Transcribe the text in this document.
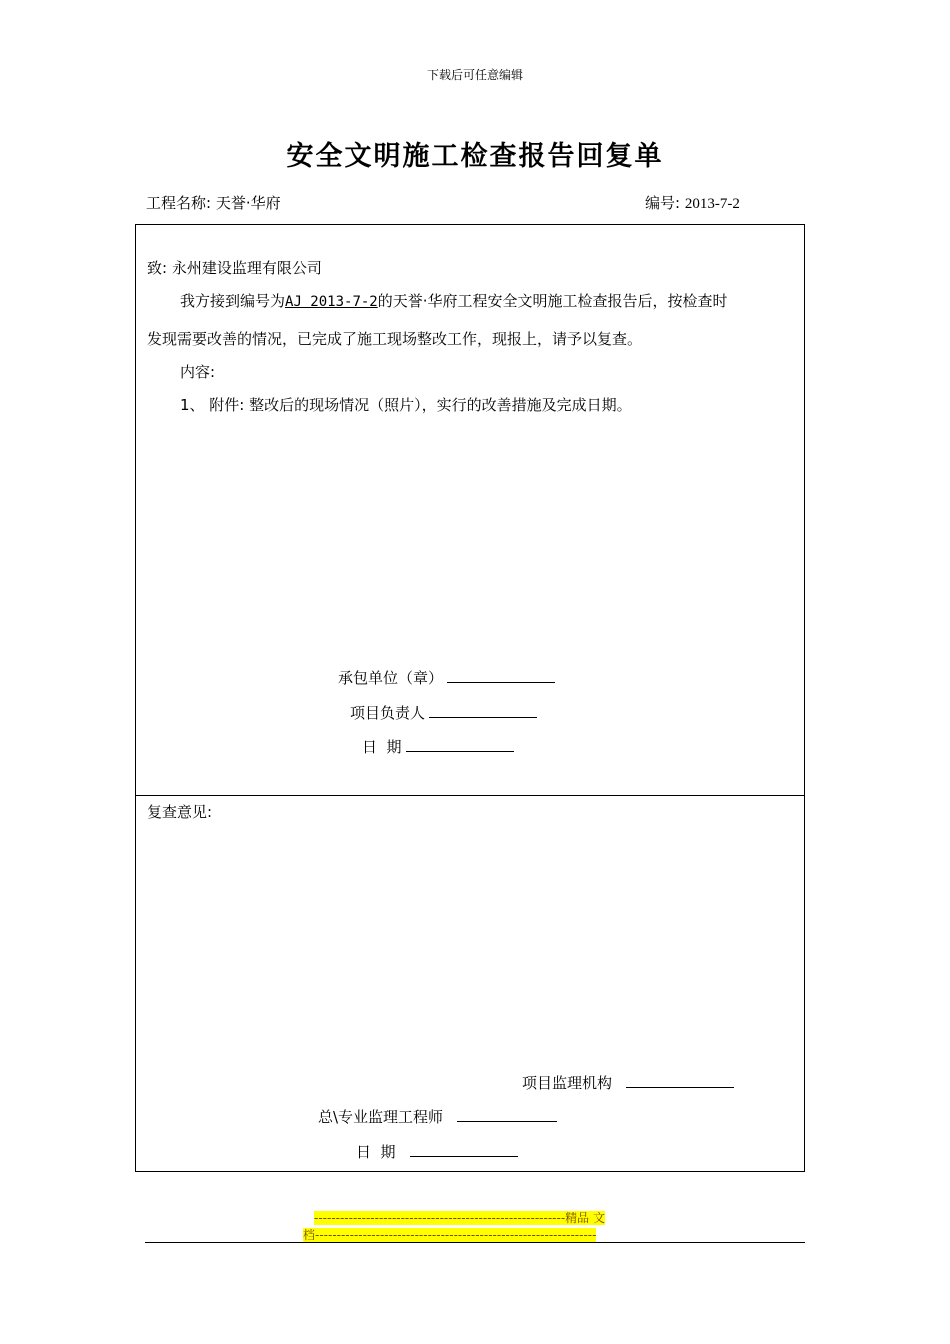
下载后可任意编辑
安全文明施工检查报告回复单
工程名称: 天誉·华府	编号: 2013-7-2
致: 永州建设监理有限公司
我方接到编号为AJ 2013-7-2的天誉·华府工程安全文明施工检查报告后，按检查时
发现需要改善的情况，已完成了施工现场整改工作，现报上，请予以复查。
内容:
1、 附件: 整改后的现场情况（照片），实行的改善措施及完成日期。
承包单位（章）
项目负责人
日  期
复查意见:
项目监理机构
总\专业监理工程师
日  期
----------------------------------------------------------精品 文
档-----------------------------------------------------------------
